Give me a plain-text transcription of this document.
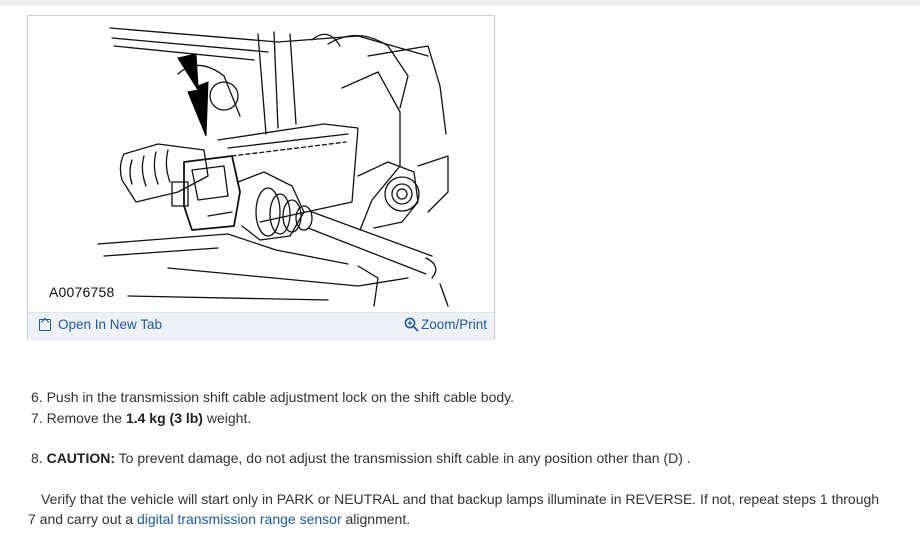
A0076758
Open In New Tab	Zoom/Print
6. Push in the transmission shift cable adjustment lock on the shift cable body.
7. Remove the 1.4 kg (3 lb) weight.
8. CAUTION: To prevent damage, do not adjust the transmission shift cable in any position other than (D) .
Verify that the vehicle will start only in PARK or NEUTRAL and that backup lamps illuminate in REVERSE. If not, repeat steps 1 through
7 and carry out a digital transmission range sensor alignment.
